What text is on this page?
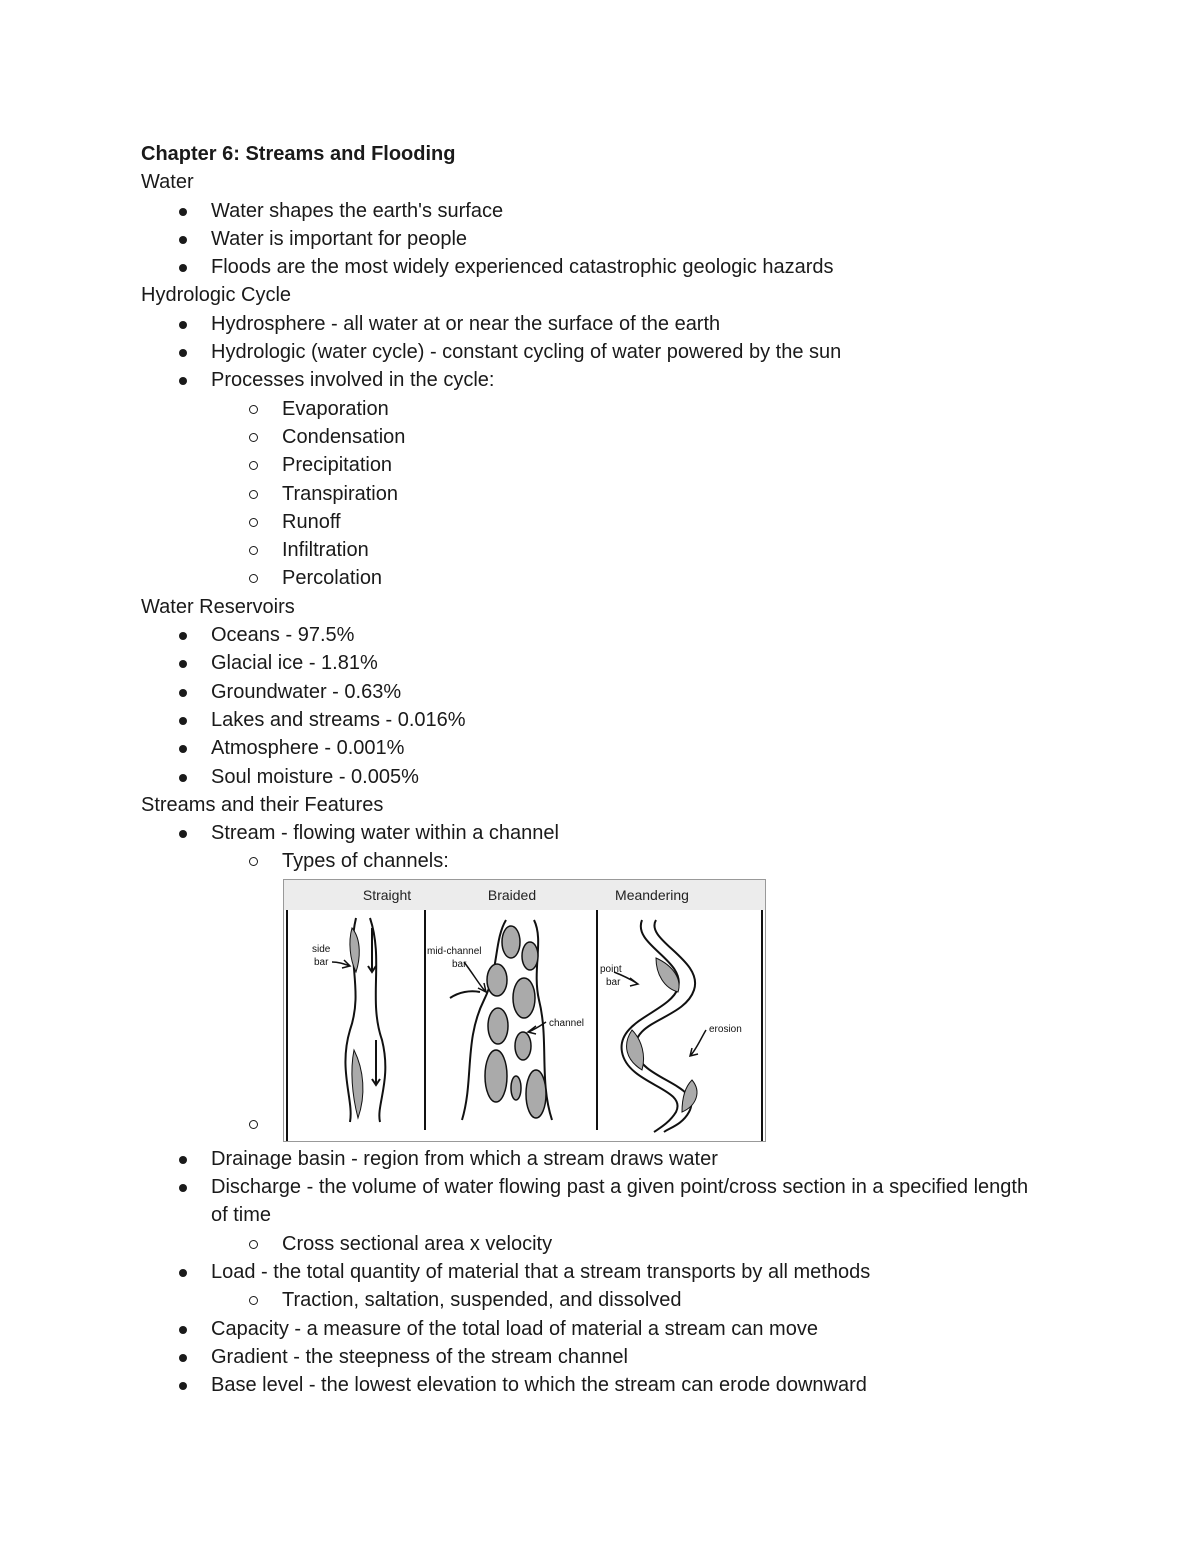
Chapter 6: Streams and Flooding
Water
Water shapes the earth's surface
Water is important for people
Floods are the most widely experienced catastrophic geologic hazards
Hydrologic Cycle
Hydrosphere - all water at or near the surface of the earth
Hydrologic (water cycle) - constant cycling of water powered by the sun
Processes involved in the cycle:
Evaporation
Condensation
Precipitation
Transpiration
Runoff
Infiltration
Percolation
Water Reservoirs
Oceans - 97.5%
Glacial ice - 1.81%
Groundwater - 0.63%
Lakes and streams - 0.016%
Atmosphere - 0.001%
Soul moisture - 0.005%
Streams and their Features
Stream - flowing water within a channel
Types of channels:
Straight	Braided	Meandering
side
bar
mid-channel
bar
channel
point
bar
erosion
Drainage basin - region from which a stream draws water
Discharge - the volume of water flowing past a given point/cross section in a specified length of time
Cross sectional area x velocity
Load - the total quantity of material that a stream transports by all methods
Traction, saltation, suspended, and dissolved
Capacity - a measure of the total load of material a stream can move
Gradient - the steepness of the stream channel
Base level - the lowest elevation to which the stream can erode downward
